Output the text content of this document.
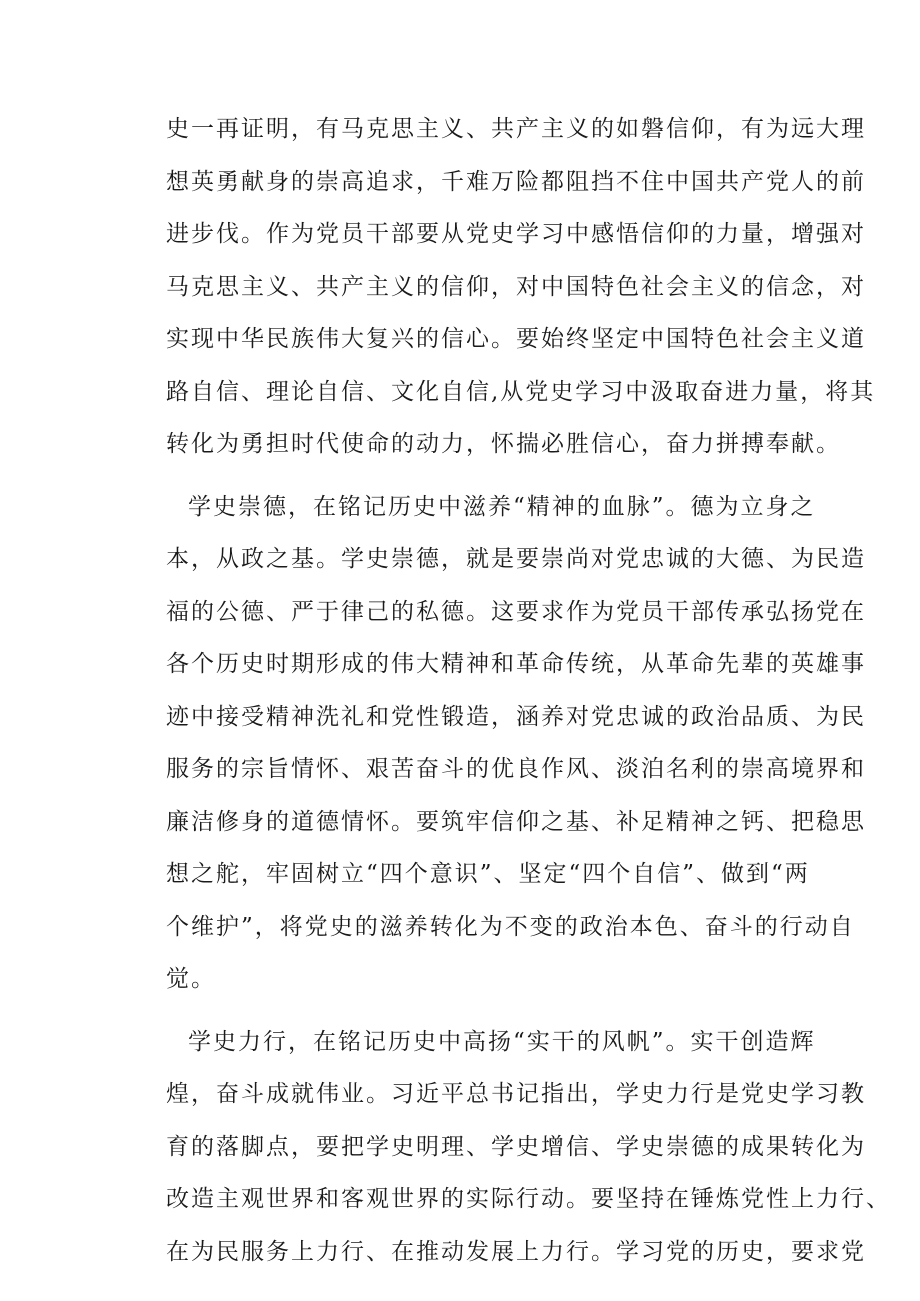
史一再证明，有马克思主义、共产主义的如磐信仰，有为远大理
想英勇献身的崇高追求，千难万险都阻挡不住中国共产党人的前
进步伐。作为党员干部要从党史学习中感悟信仰的力量，增强对
马克思主义、共产主义的信仰，对中国特色社会主义的信念，对
实现中华民族伟大复兴的信心。要始终坚定中国特色社会主义道
路自信、理论自信、文化自信,从党史学习中汲取奋进力量，将其
转化为勇担时代使命的动力，怀揣必胜信心，奋力拼搏奉献。

学史崇德，在铭记历史中滋养“精神的血脉”。德为立身之
本，从政之基。学史崇德，就是要崇尚对党忠诚的大德、为民造
福的公德、严于律己的私德。这要求作为党员干部传承弘扬党在
各个历史时期形成的伟大精神和革命传统，从革命先辈的英雄事
迹中接受精神洗礼和党性锻造，涵养对党忠诚的政治品质、为民
服务的宗旨情怀、艰苦奋斗的优良作风、淡泊名利的崇高境界和
廉洁修身的道德情怀。要筑牢信仰之基、补足精神之钙、把稳思
想之舵，牢固树立“四个意识”、坚定“四个自信”、做到“两
个维护”，将党史的滋养转化为不变的政治本色、奋斗的行动自
觉。

学史力行，在铭记历史中高扬“实干的风帆”。实干创造辉
煌，奋斗成就伟业。习近平总书记指出，学史力行是党史学习教
育的落脚点，要把学史明理、学史增信、学史崇德的成果转化为
改造主观世界和客观世界的实际行动。要坚持在锤炼党性上力行、
在为民服务上力行、在推动发展上力行。学习党的历史，要求党
